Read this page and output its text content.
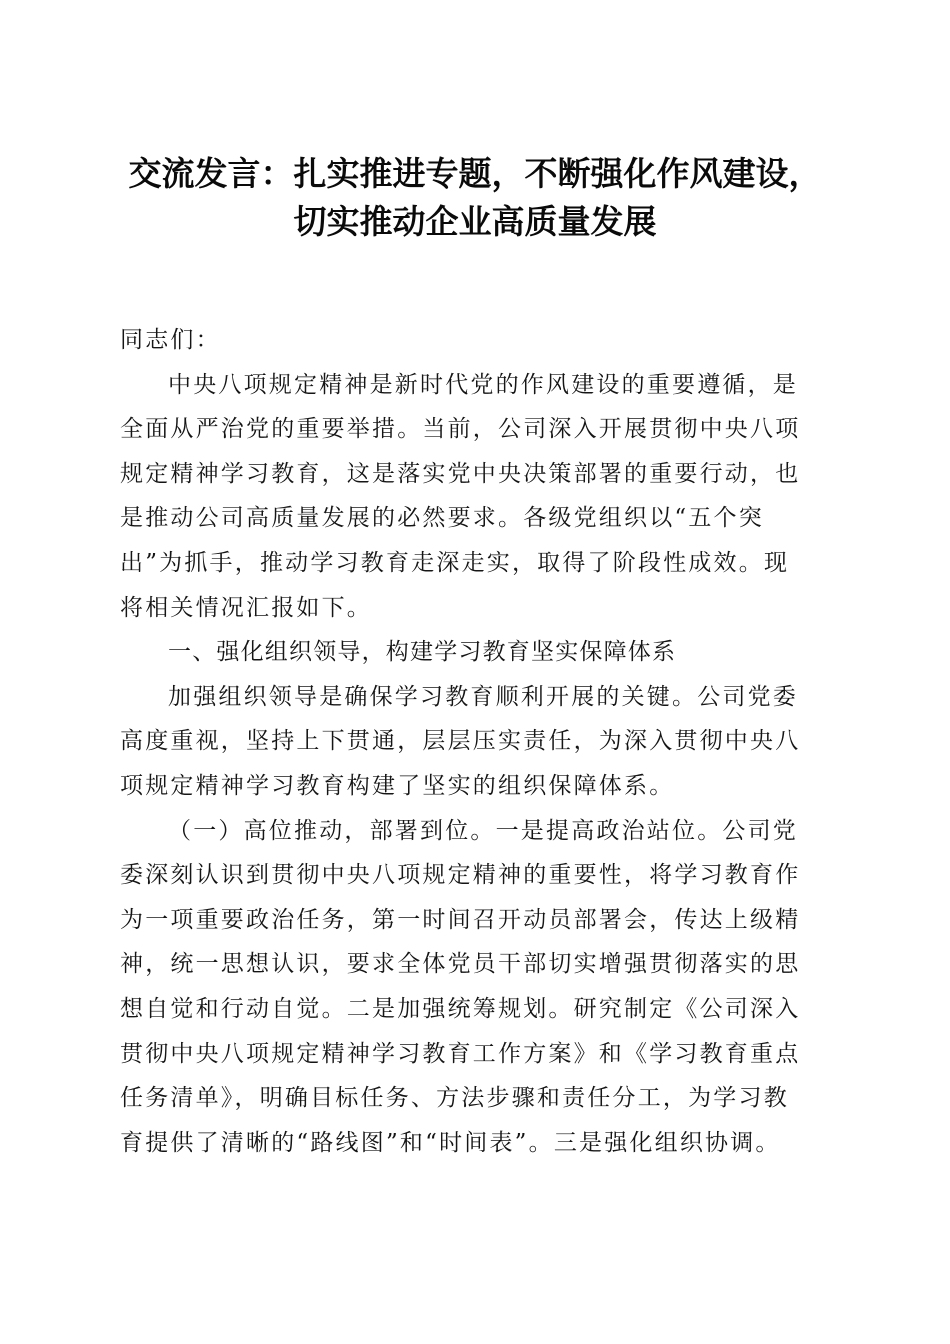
交流发言：扎实推进专题，不断强化作风建设，
切实推动企业高质量发展
同志们：
中央八项规定精神是新时代党的作风建设的重要遵循，是
全面从严治党的重要举措。当前，公司深入开展贯彻中央八项
规定精神学习教育，这是落实党中央决策部署的重要行动，也
是推动公司高质量发展的必然要求。各级党组织以“五个突
出”为抓手，推动学习教育走深走实，取得了阶段性成效。现
将相关情况汇报如下。
一、强化组织领导，构建学习教育坚实保障体系
加强组织领导是确保学习教育顺利开展的关键。公司党委
高度重视，坚持上下贯通，层层压实责任，为深入贯彻中央八
项规定精神学习教育构建了坚实的组织保障体系。
（一）高位推动，部署到位。一是提高政治站位。公司党
委深刻认识到贯彻中央八项规定精神的重要性，将学习教育作
为一项重要政治任务，第一时间召开动员部署会，传达上级精
神，统一思想认识，要求全体党员干部切实增强贯彻落实的思
想自觉和行动自觉。二是加强统筹规划。研究制定《公司深入
贯彻中央八项规定精神学习教育工作方案》和《学习教育重点
任务清单》，明确目标任务、方法步骤和责任分工，为学习教
育提供了清晰的“路线图”和“时间表”。三是强化组织协调。
